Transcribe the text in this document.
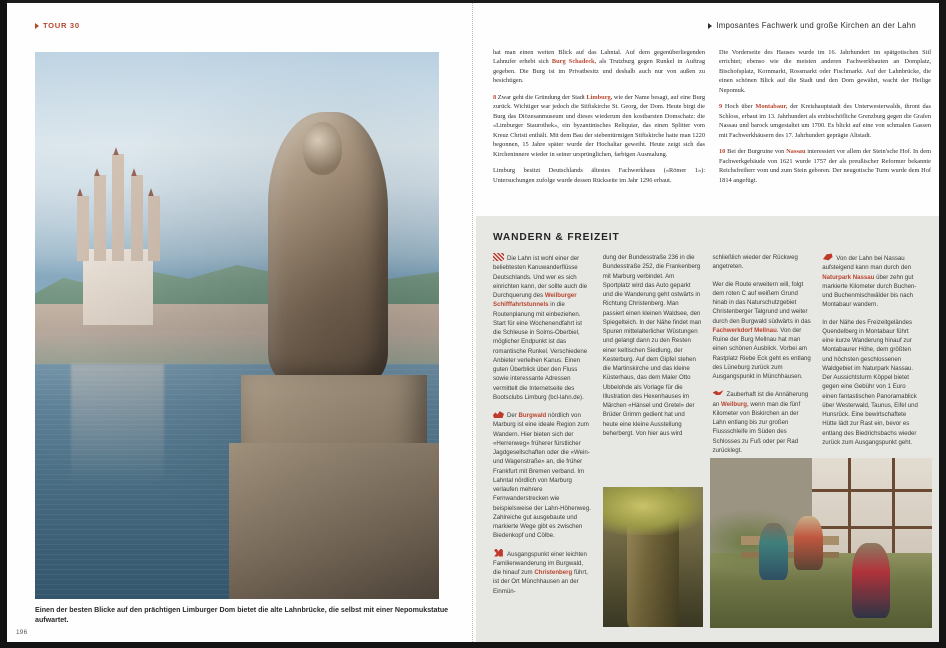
TOUR 30
Einen der besten Blicke auf den prächtigen Limburger Dom bietet die alte Lahnbrücke, die selbst mit einer Nepomukstatue aufwartet.
196
Imposantes Fachwerk und große Kirchen an der Lahn

hat man einen weiten Blick auf das Lahntal. Auf dem gegenüberliegenden Lahnufer erhebt sich Burg Schadeck, als Trutzburg gegen Runkel in Auftrag gegeben. Die Burg ist im Privatbesitz und deshalb auch nur von außen zu besichtigen.

8 Zwar geht die Gründung der Stadt Limburg, wie der Name besagt, auf eine Burg zurück. Wichtiger war jedoch die Stiftskirche St. Georg, der Dom. Heute birgt die Burg das Diözesanmuseum und dieses wiederum den kostbarsten Domschatz: die «Limburger Staurothek», ein byzantinisches Reliquiar, das einen Splitter vom Kreuz Christi enthält. Mit dem Bau der siebentürmigen Stiftskirche hatte man 1220 begonnen, 15 Jahre später wurde der Hochaltar geweiht. Heute zeigt sich das Kircheninnere wieder in seiner ursprünglichen, farbigen Ausmalung.

Limburg besitzt Deutschlands ältestes Fachwerkhaus («Römer 1»): Untersuchungen zufolge wurde dessen Rückseite im Jahr 1296 erbaut.

Die Vorderseite des Hauses wurde im 16. Jahrhundert im spätgotischen Stil errichtet; ebenso wie die meisten anderen Fachwerkbauten an Domplatz, Bischofsplatz, Kornmarkt, Rossmarkt oder Fischmarkt. Auf der Lahnbrücke, die einen schönen Blick auf die Stadt und den Dom gewährt, wacht der Heilige Nepomuk.

9 Hoch über Montabaur, der Kreishauptstadt des Unterwesterwalds, thront das Schloss, erbaut im 13. Jahrhundert als erzbischöfliche Grenzburg gegen die Grafen Nassau und barock umgestaltet um 1700. Es blickt auf eine von schmalen Gassen mit Fachwerkhäusern des 17. Jahrhundert geprägte Altstadt.

10 Bei der Burgruine von Nassau interessiert vor allem der Stein'sche Hof. In dem Fachwerkgebäude von 1621 wurde 1757 der als preußischer Reformer bekannte Reichsfreiherr vom und zum Stein geboren. Der neugotische Turm wurde dem Hof 1814 angefügt.

WANDERN & FREIZEIT

Die Lahn ist wohl einer der beliebtesten Kanuwanderflüsse Deutschlands. Und wer es sich einrichten kann, der sollte auch die Durchquerung des Weilburger Schifffahrtstunnels in die Routenplanung mit einbeziehen. Start für eine Wochenendfahrt ist die Schleuse in Solms-Oberbiel, möglicher Endpunkt ist das romantische Runkel. Verschiedene Anbieter verleihen Kanus. Einen guten Überblick über den Fluss sowie interessante Adressen vermittelt die Internetseite des Bootsclubs Limburg (bcl-lahn.de).

Der Burgwald nördlich von Marburg ist eine ideale Region zum Wandern. Hier bieten sich der «Herrenweg» früherer fürstlicher Jagdgesellschaften oder die «Wein- und Wagenstraße» an, die früher Frankfurt mit Bremen verband. Im Lahntal nördlich von Marburg verlaufen mehrere Fernwanderstrecken wie beispielsweise der Lahn-Höhenweg. Zahlreiche gut ausgebaute und markierte Wege gibt es zwischen Biedenkopf und Cölbe.

Ausgangspunkt einer leichten Familienwanderung im Burgwald, die hinauf zum Christenberg führt, ist der Ort Münchhausen an der Einmün-

dung der Bundesstraße 236 in die Bundesstraße 252, die Frankenberg mit Marburg verbindet. Am Sportplatz wird das Auto geparkt und die Wanderung geht ostwärts in Richtung Christenberg. Man passiert einen kleinen Waldsee, den Spiegelteich. In der Nähe findet man Spuren mittelalterlicher Wüstungen und gelangt dann zu den Resten einer keltischen Siedlung, der Kesterburg. Auf dem Gipfel stehen die Martinskirche und das kleine Küsterhaus, das dem Maler Otto Ubbelohde als Vorlage für die Illustration des Hexenhauses im Märchen «Hänsel und Gretel» der Brüder Grimm gedient hat und heute eine kleine Ausstellung beherbergt. Von hier aus wird

schließlich wieder der Rückweg angetreten.

Wer die Route erweitern will, folgt dem roten C auf weißem Grund hinab in das Naturschutzgebiet Christenberger Talgrund und weiter durch den Burgwald südwärts in das Fachwerkdorf Mellnau. Von der Ruine der Burg Mellnau hat man einen schönen Ausblick. Vorbei am Rastplatz Riebe Eck geht es entlang des Lüneburg zurück zum Ausgangspunkt in Münchhausen.

Zauberhaft ist die Annäherung an Weilburg, wenn man die fünf Kilometer von Biskirchen an der Lahn entlang bis zur großen Flussschleife im Süden des Schlosses zu Fuß oder per Rad zurücklegt.

Von der Lahn bei Nassau aufsteigend kann man durch den Naturpark Nassau über zehn gut markierte Kilometer durch Buchen- und Buchenmischwälder bis nach Montabaur wandern.

In der Nähe des Freizeitgeländes Quendelberg in Montabaur führt eine kurze Wanderung hinauf zur Montabaurer Höhe, dem größten und höchsten geschlossenen Waldgebiet im Naturpark Nassau. Der Aussichtsturm Köppel bietet gegen eine Gebühr von 1 Euro einen fantastischen Panoramablick über Westerwald, Taunus, Eifel und Hunsrück. Eine bewirtschaftete Hütte lädt zur Rast ein, bevor es entlang des Biedrichsbachs wieder zurück zum Ausgangspunkt geht.
